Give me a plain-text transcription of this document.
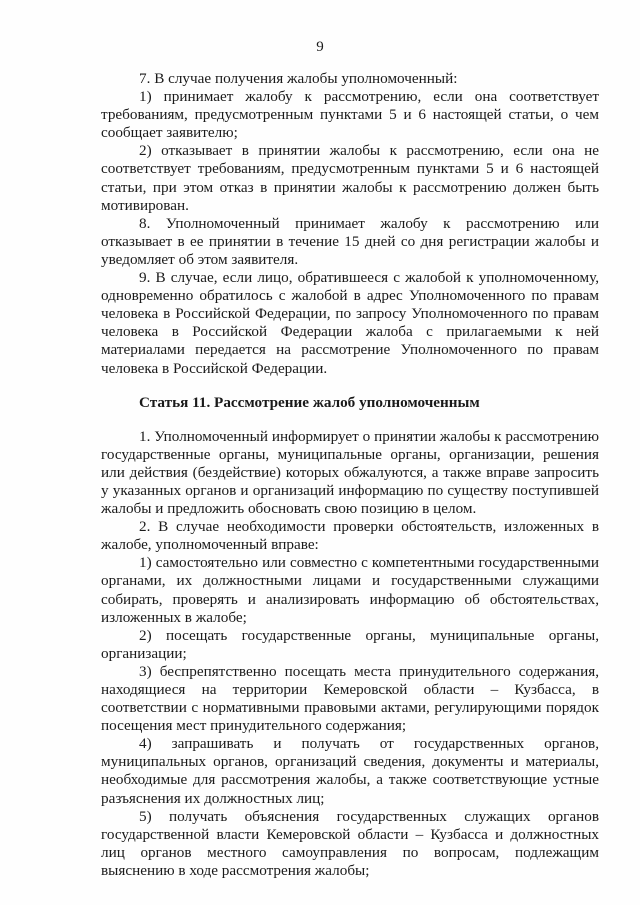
9

7. В случае получения жалобы уполномоченный:

1) принимает жалобу к рассмотрению, если она соответствует требованиям, предусмотренным пунктами 5 и 6 настоящей статьи, о чем сообщает заявителю;

2) отказывает в принятии жалобы к рассмотрению, если она не соответствует требованиям, предусмотренным пунктами 5 и 6 настоящей статьи, при этом отказ в принятии жалобы к рассмотрению должен быть мотивирован.

8. Уполномоченный принимает жалобу к рассмотрению или отказывает в ее принятии в течение 15 дней со дня регистрации жалобы и уведомляет об этом заявителя.

9. В случае, если лицо, обратившееся с жалобой к уполномоченному, одновременно обратилось с жалобой в адрес Уполномоченного по правам человека в Российской Федерации, по запросу Уполномоченного по правам человека в Российской Федерации жалоба с прилагаемыми к ней материалами передается на рассмотрение Уполномоченного по правам человека в Российской Федерации.

Статья 11. Рассмотрение жалоб уполномоченным

1. Уполномоченный информирует о принятии жалобы к рассмотрению государственные органы, муниципальные органы, организации, решения или действия (бездействие) которых обжалуются, а также вправе запросить у указанных органов и организаций информацию по существу поступившей жалобы и предложить обосновать свою позицию в целом.

2. В случае необходимости проверки обстоятельств, изложенных в жалобе, уполномоченный вправе:

1) самостоятельно или совместно с компетентными государственными органами, их должностными лицами и государственными служащими собирать, проверять и анализировать информацию об обстоятельствах, изложенных в жалобе;

2) посещать государственные органы, муниципальные органы, организации;

3) беспрепятственно посещать места принудительного содержания, находящиеся на территории Кемеровской области – Кузбасса, в соответствии с нормативными правовыми актами, регулирующими порядок посещения мест принудительного содержания;

4) запрашивать и получать от государственных органов, муниципальных органов, организаций сведения, документы и материалы, необходимые для рассмотрения жалобы, а также соответствующие устные разъяснения их должностных лиц;

5) получать объяснения государственных служащих органов государственной власти Кемеровской области – Кузбасса и должностных лиц органов местного самоуправления по вопросам, подлежащим выяснению в ходе рассмотрения жалобы;
